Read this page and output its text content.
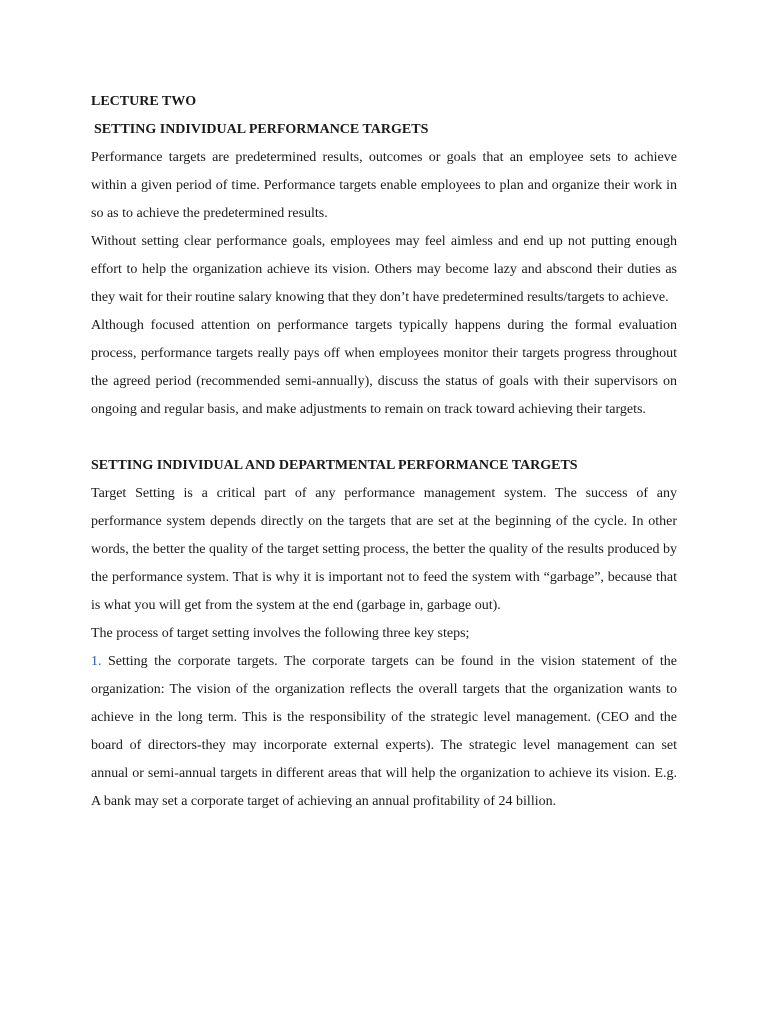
LECTURE TWO

SETTING INDIVIDUAL PERFORMANCE TARGETS

Performance targets are predetermined results, outcomes or goals that an employee sets to achieve within a given period of time. Performance targets enable employees to plan and organize their work in so as to achieve the predetermined results.

Without setting clear performance goals, employees may feel aimless and end up not putting enough effort to help the organization achieve its vision. Others may become lazy and abscond their duties as they wait for their routine salary knowing that they don’t have predetermined results/targets to achieve.

Although focused attention on performance targets typically happens during the formal evaluation process, performance targets really pays off when employees monitor their targets progress throughout the agreed period (recommended semi-annually), discuss the status of goals with their supervisors on ongoing and regular basis, and make adjustments to remain on track toward achieving their targets.

SETTING INDIVIDUAL AND DEPARTMENTAL PERFORMANCE TARGETS

Target Setting is a critical part of any performance management system. The success of any performance system depends directly on the targets that are set at the beginning of the cycle. In other words, the better the quality of the target setting process, the better the quality of the results produced by the performance system. That is why it is important not to feed the system with “garbage”, because that is what you will get from the system at the end (garbage in, garbage out).

The process of target setting involves the following three key steps;

1. Setting the corporate targets. The corporate targets can be found in the vision statement of the organization: The vision of the organization reflects the overall targets that the organization wants to achieve in the long term. This is the responsibility of the strategic level management. (CEO and the board of directors-they may incorporate external experts). The strategic level management can set annual or semi-annual targets in different areas that will help the organization to achieve its vision. E.g. A bank may set a corporate target of achieving an annual profitability of 24 billion.
